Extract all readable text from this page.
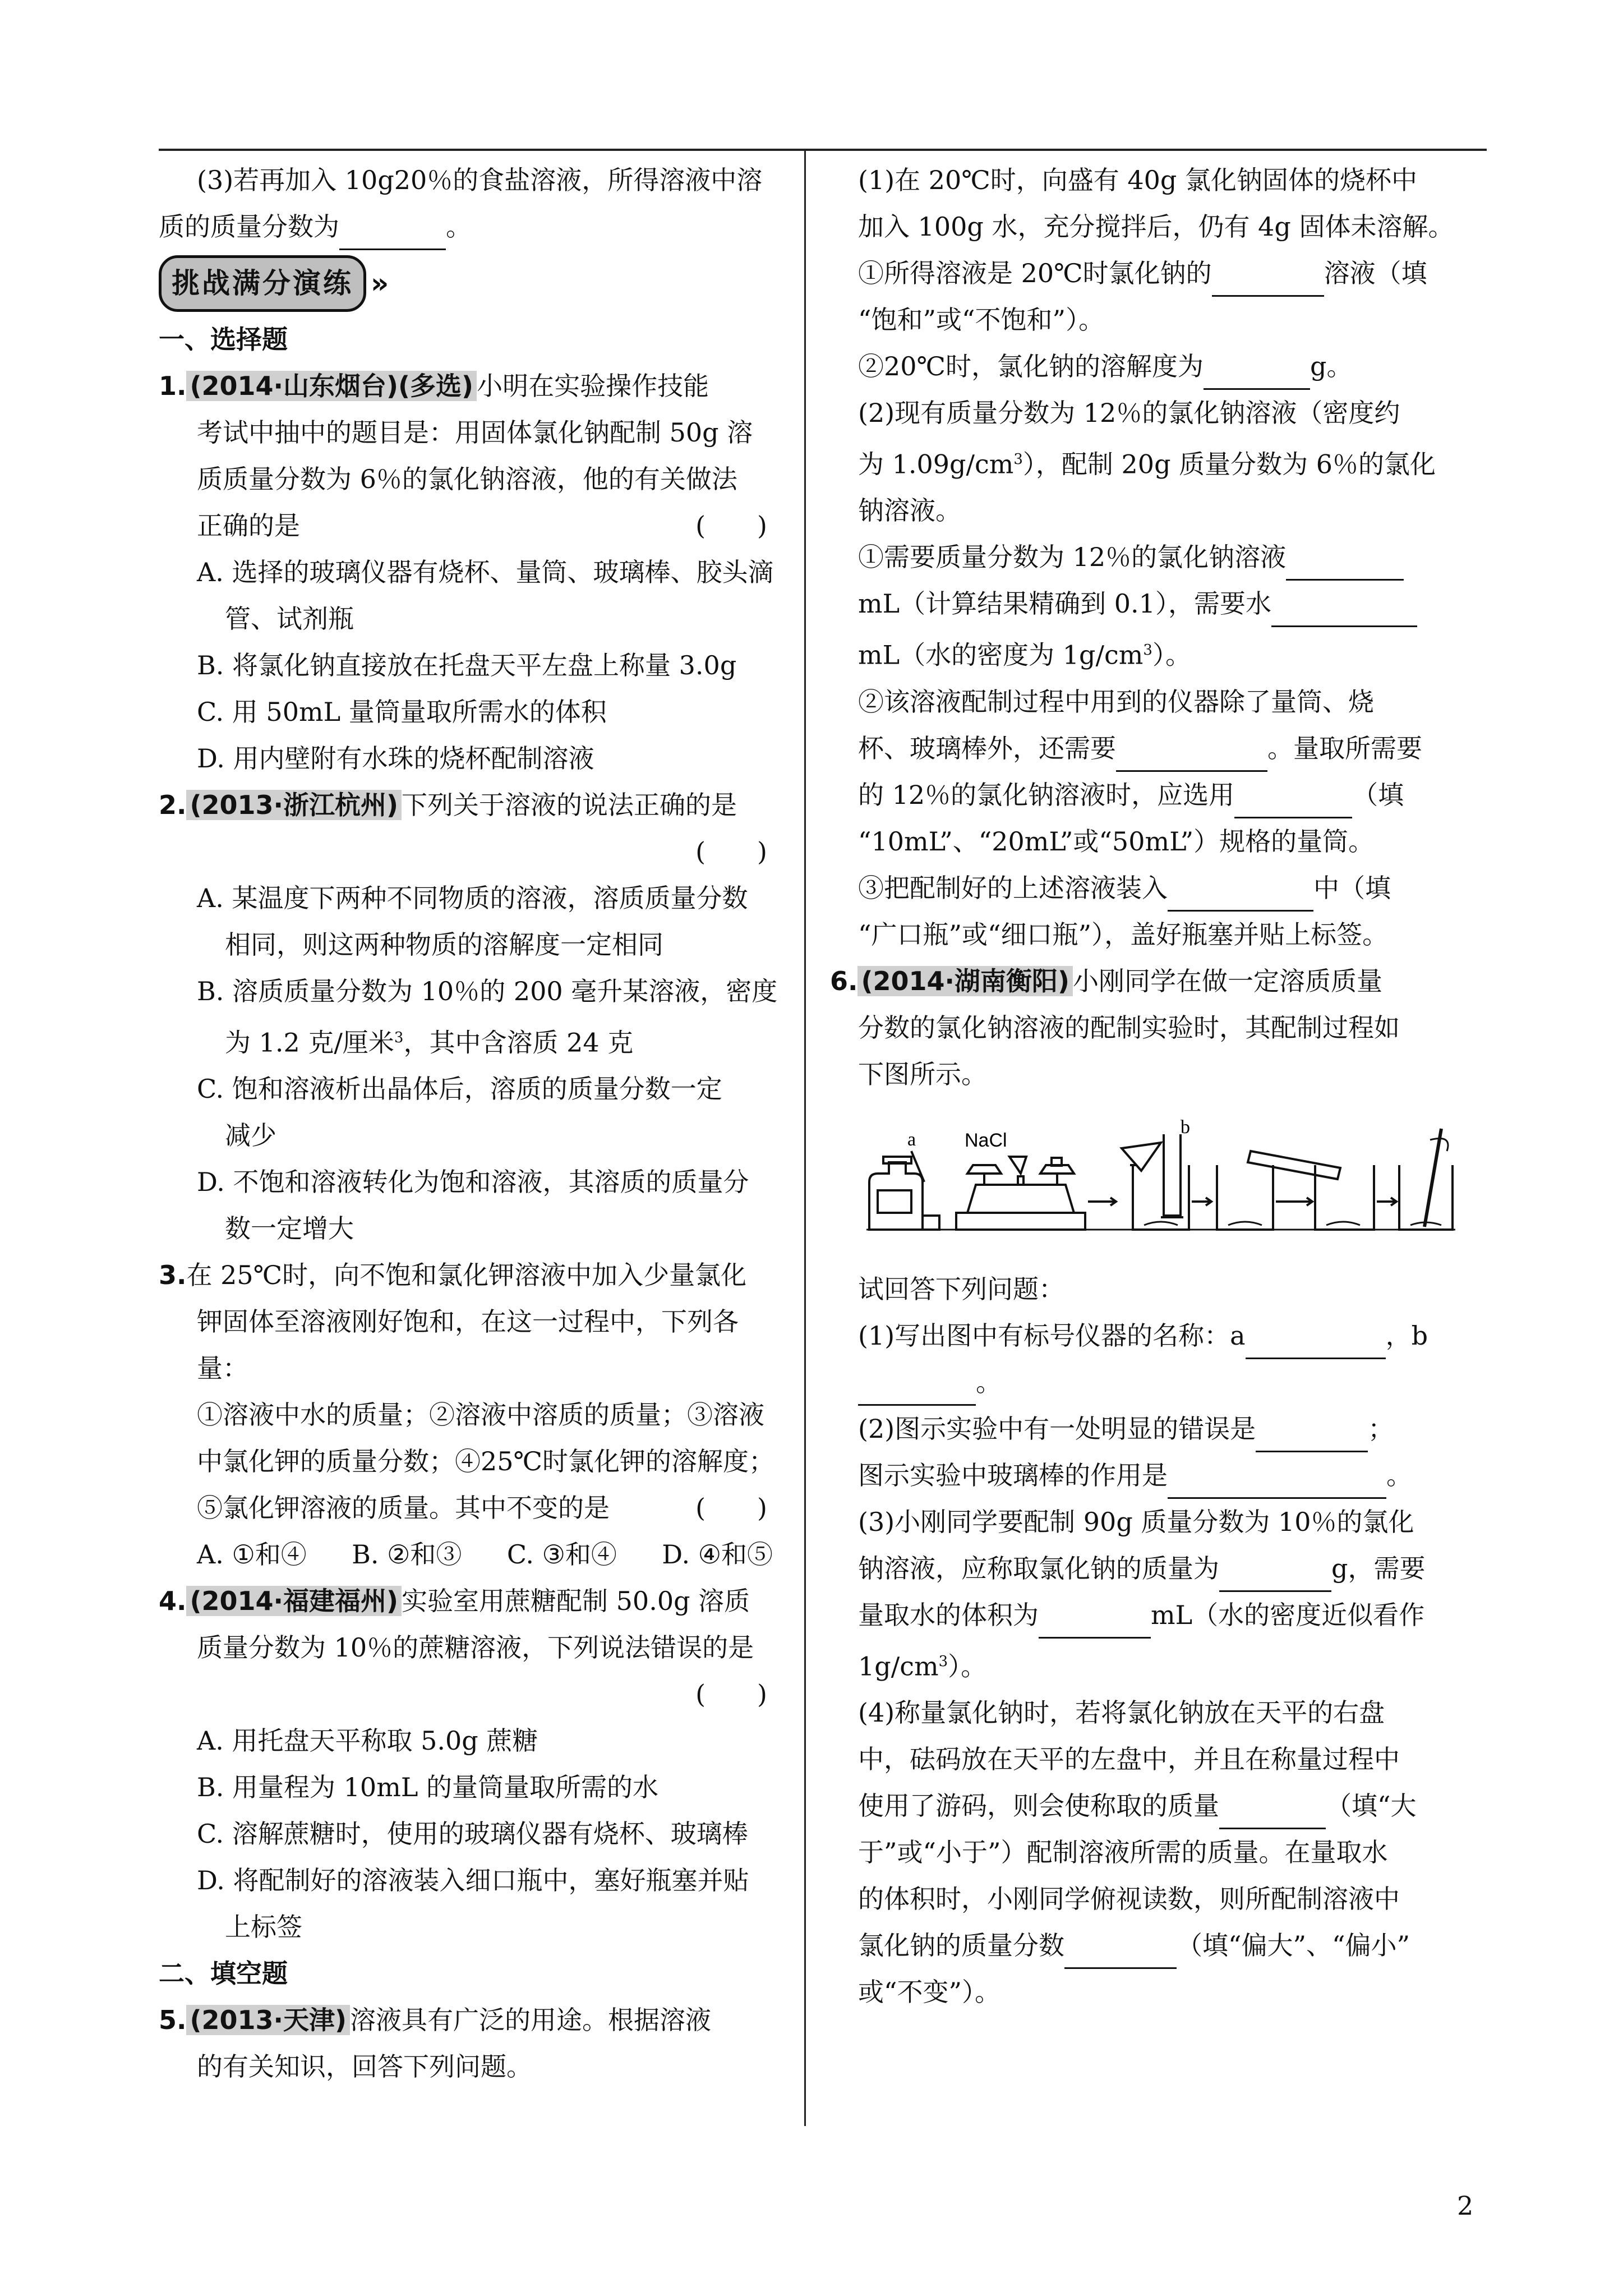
(3)若再加入 10g20％的食盐溶液，所得溶液中溶

质的质量分数为	。

挑战满分演练 »

一、选择题

1. (2014·山东烟台)(多选) 小明在实验操作技能

考试中抽中的题目是：用固体氯化钠配制 50g 溶

质质量分数为 6％的氯化钠溶液，他的有关做法

正确的是	(　　)

A. 选择的玻璃仪器有烧杯、量筒、玻璃棒、胶头滴

管、试剂瓶

B. 将氯化钠直接放在托盘天平左盘上称量 3.0g

C. 用 50mL 量筒量取所需水的体积

D. 用内壁附有水珠的烧杯配制溶液

2. (2013·浙江杭州) 下列关于溶液的说法正确的是

(　　)

A. 某温度下两种不同物质的溶液，溶质质量分数

相同，则这两种物质的溶解度一定相同

B. 溶质质量分数为 10％的 200 毫升某溶液，密度

为 1.2 克/厘米$^3$，其中含溶质 24 克

C. 饱和溶液析出晶体后，溶质的质量分数一定

减少

D. 不饱和溶液转化为饱和溶液，其溶质的质量分

数一定增大

3.在 25℃时，向不饱和氯化钾溶液中加入少量氯化

钾固体至溶液刚好饱和，在这一过程中，下列各量：

①溶液中水的质量；②溶液中溶质的质量；③溶液

中氯化钾的质量分数；④25℃时氯化钾的溶解度；

⑤氯化钾溶液的质量。其中不变的是	(　　)

A. ①和④ B. ②和③ C. ③和④ D. ④和⑤

4. (2014·福建福州) 实验室用蔗糖配制 50.0g 溶质

质量分数为 10％的蔗糖溶液，下列说法错误的是

(　　)

A. 用托盘天平称取 5.0g 蔗糖

B. 用量程为 10mL 的量筒量取所需的水

C. 溶解蔗糖时，使用的玻璃仪器有烧杯、玻璃棒

D. 将配制好的溶液装入细口瓶中，塞好瓶塞并贴

上标签

二、填空题

5. (2013·天津) 溶液具有广泛的用途。根据溶液

的有关知识，回答下列问题。

(1)在 20℃时，向盛有 40g 氯化钠固体的烧杯中

加入 100g 水，充分搅拌后，仍有 4g 固体未溶解。

①所得溶液是 20℃时氯化钠的	溶液（填

“饱和”或“不饱和”）。

②20℃时，氯化钠的溶解度为	g。

(2)现有质量分数为 12％的氯化钠溶液（密度约

为 $1.09g/cm^3$），配制 20g 质量分数为 6％的氯化

钠溶液。

①需要质量分数为 12％的氯化钠溶液

mL（计算结果精确到 0.1），需要水

mL（水的密度为 $1g/cm^3$）。

②该溶液配制过程中用到的仪器除了量筒、烧

杯、玻璃棒外，还需要	。量取所需要

的 12％的氯化钠溶液时，应选用	（填

“10mL”、“20mL”或“50mL”）规格的量筒。

③把配制好的上述溶液装入	中（填

“广口瓶”或“细口瓶”），盖好瓶塞并贴上标签。

6. (2014·湖南衡阳) 小刚同学在做一定溶质质量

分数的氯化钠溶液的配制实验时，其配制过程如

下图所示。

a	NaCl
b

试回答下列问题：

(1)写出图中有标号仪器的名称：a	，b

。

(2)图示实验中有一处明显的错误是	；

图示实验中玻璃棒的作用是	。

(3)小刚同学要配制 90g 质量分数为 10％的氯化

钠溶液，应称取氯化钠的质量为	g，需要

量取水的体积为	mL（水的密度近似看作

$1g/cm^3$）。

(4)称量氯化钠时，若将氯化钠放在天平的右盘

中，砝码放在天平的左盘中，并且在称量过程中

使用了游码，则会使称取的质量	（填“大

于”或“小于”）配制溶液所需的质量。在量取水

的体积时，小刚同学俯视读数，则所配制溶液中

氯化钠的质量分数	（填“偏大”、“偏小”

或“不变”）。

2
